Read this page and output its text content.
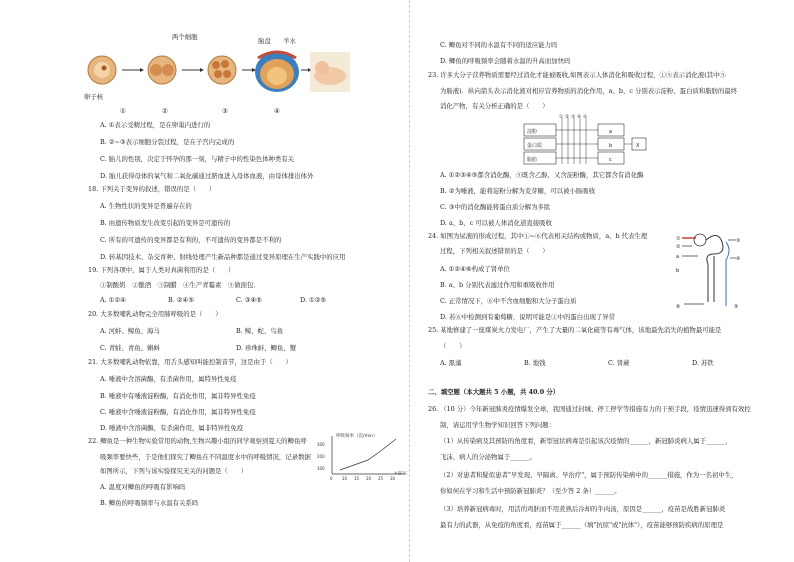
两个细胞	胎盘 羊水
卵子核
①	②	③	④
A. ①表示受精过程，是在卵巢内进行的
B. ②~③表示细胞分裂过程，是在子宫内完成的
C. 胎儿的性别，决定于怀孕的那一刻，与精子中的性染色体种类有关
D. 胎儿获得母体的氧气和二氧化碳通过脐血进入母体血液，由母体排出体外
18. 下列关于变异的叙述，错误的是（　　）
A. 生物性状的变异是普遍存在的
B. 由遗传物质发生改变引起的变异是可遗传的
C. 所有的可遗传的变异都是有利的，不可遗传的变异都是不利的
D. 转基因技术、杂交育种、射线处理产生新品种都是通过变异原理在生产实践中的应用
19. 下列各项中，属于人类对真菌利用的是（　　）
①制酸奶　②酿酒　③制醋　④生产青霉素　⑤做面包．
A. ①②④	B. ②④⑤	C. ③④⑤	D. ①②⑤
20. 大多数哺乳动物完全用肺呼吸的是（　　）
A. 河蚌、鲸鱼、海马	B. 鲸、蛇、鸟鱼
C. 青蛙、青鱼、蝌蚪	D. 珍珠蚌、鲫鱼、蟹
21. 大多数哺乳动物依靠，用舌头感知叫能控制音节，这是由于（　　）
A. 唾液中含溶菌酶，有杀菌作用，属特异性免疫
B. 唾液中有唾液淀粉酶，有消化作用，属非特异性免疫
C. 唾液中含唾液淀粉酶，有消化作用，属非特异性免疫
D. 唾液中含溶菌酶，有杀菌作用，属非特异性免疫
22. 鲫鱼是一种生物实验常用的动物,生物兴趣小组的同学观察到夏天的鲫鱼呼
吸频率要快些，于是他们探究了鲫鱼在不同温度水中的呼吸情况，记录数据
如图所示，下列与该实验探究无关的问题是（　　）
A. 温度对鲫鱼的呼吸有影响吗
B. 鲫鱼的呼吸频率与水温有关系吗
呼吸频率（次/min）
300
200
100
0 10 15 20 25 30
水温/°C
C. 鲫鱼对不同的水温有不同的适应能力吗
D. 鲫鱼的呼吸频率会随着水温的升高而加快吗
23. 许多大分子营养物质需要经过消化才能被吸收,如图表示人体消化和吸收过程，①⑤表示消化液(其中⑤
为肠液)．纵向箭头表示消化液对相应营养物质的消化作用，a、b、c 分别表示淀粉、蛋白质和脂肪的最终
消化产物，有关分析正确的是（　　）
淀粉
蛋白质
脂肪
① ② ③ ④ ⑤
a
b
c
X
A. ①②③④⑤都含消化酶，⑤既含乙醇，又含淀粉酶，其它都含有消化酶
B. ②为唾液，能将淀粉分解为麦芽糖，可以被小肠吸收
C. ③中的消化酶能将蛋白质分解为多肽
D. a、b、c 可以被人体消化道直接吸收
24. 如图为尿液的形成过程，其中①~⑥代表相关结构或物质，a、b 代表生理
过程，下列相关叙述错误的是（　　）
A. ①②④⑥构成了肾单位
B. a、b 分别代表滤过作用和重吸收作用
C. 正常情况下，⑥中不含血细胞和大分子蛋白质
D. 若⑥中检测到有葡萄糖，说明可能是①中的蛋白出现了异常
①
②
③
④
⑤
⑥
a
b
25. 某地修建了一座煤炭火力发电厂，产生了大量的二氧化硫等有毒气体，该地最先消失的植物最可能是
（　　）
A. 黑藻	B. 地钱	C. 肾蕨	D. 苏铁
二、填空题（本大题共 5 小题，共 40.0 分）
26. （10 分）今年新冠肺炎疫情爆发全球，我国通过封城、停工停学等措施有力的干预手段，疫情迅速得到有效控
制，请运用学生物学知识回答下列问题：
（1）从传染病及其预防的角度看，新型冠状病毒是引起该次疫情的______，新冠肺炎病人属于______，
飞沫、病人的分泌物属于______。
（2）对患者和疑似患者"早发现、早隔离、早治疗"，属于预防传染病中的______措施，作为一名初中生，
你如何在学习和生活中预防新冠肺炎？（至少答 2 条）______。
（3）培养新冠病毒时，用活的鸡胚而不用煮熟后冷却的牛肉汤，原因是______，疫苗是战胜新冠肺炎
最有力的武器，从免疫的角度看，疫苗属于______（填"抗原"或"抗体"），疫苗能够预防疾病的原理是
